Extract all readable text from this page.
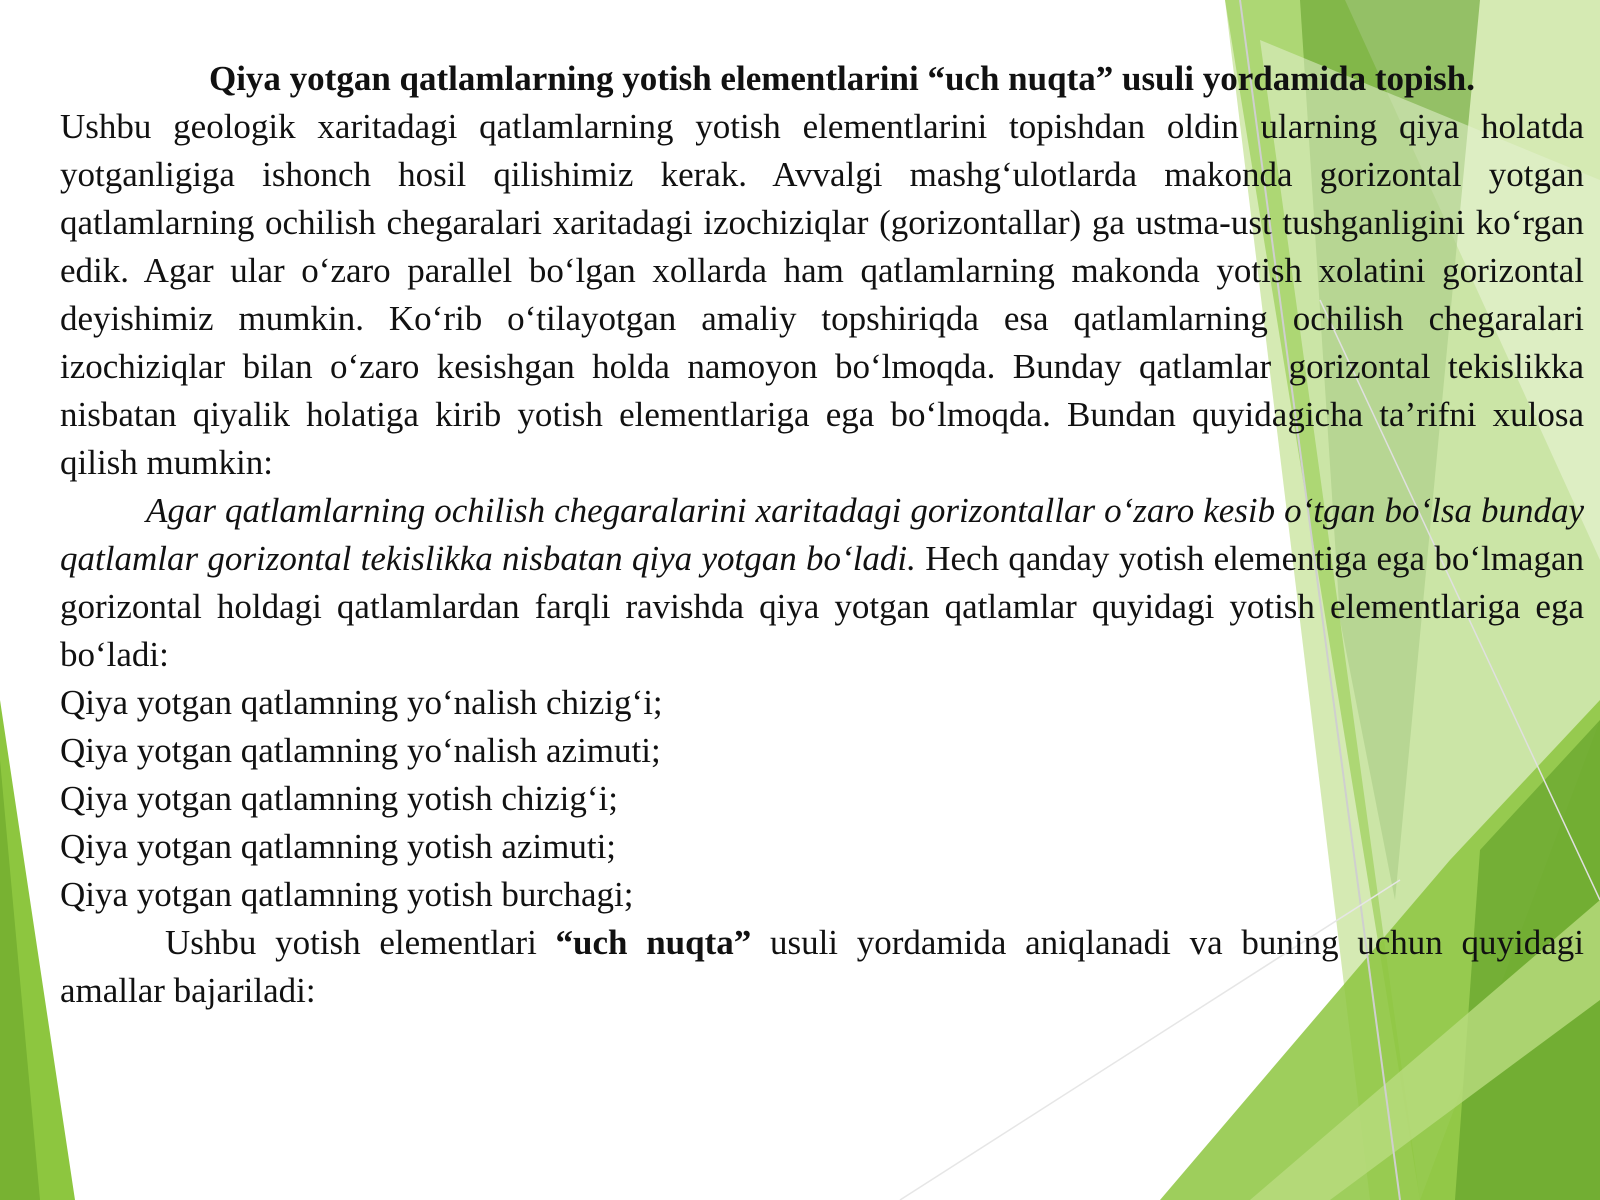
Qiya yotgan qatlamlarning yotish elementlarini “uch nuqta” usuli yordamida topish.

Ushbu geologik xaritadagi qatlamlarning yotish elementlarini topishdan oldin ularning qiya holatda yotganligiga ishonch hosil qilishimiz kerak. Avvalgi mashg‘ulotlarda makonda gorizontal yotgan qatlamlarning ochilish chegaralari xaritadagi izochiziqlar (gorizontallar) ga ustma-ust tushganligini ko‘rgan edik. Agar ular o‘zaro parallel bo‘lgan xollarda ham qatlamlarning makonda yotish xolatini gorizontal deyishimiz mumkin. Ko‘rib o‘tilayotgan amaliy topshiriqda esa qatlamlarning ochilish chegaralari izochiziqlar bilan o‘zaro kesishgan holda namoyon bo‘lmoqda. Bunday qatlamlar gorizontal tekislikka nisbatan qiyalik holatiga kirib yotish elementlariga ega bo‘lmoqda. Bundan quyidagicha ta’rifni xulosa qilish mumkin:

Agar qatlamlarning ochilish chegaralarini xaritadagi gorizontallar o‘zaro kesib o‘tgan bo‘lsa bunday qatlamlar gorizontal tekislikka nisbatan qiya yotgan bo‘ladi. Hech qanday yotish elementiga ega bo‘lmagan gorizontal holdagi qatlamlardan farqli ravishda qiya yotgan qatlamlar quyidagi yotish elementlariga ega bo‘ladi:

Qiya yotgan qatlamning yo‘nalish chizig‘i;

Qiya yotgan qatlamning yo‘nalish azimuti;

Qiya yotgan qatlamning yotish chizig‘i;

Qiya yotgan qatlamning yotish azimuti;

Qiya yotgan qatlamning yotish burchagi;

Ushbu yotish elementlari “uch nuqta” usuli yordamida aniqlanadi va buning uchun quyidagi amallar bajariladi:
